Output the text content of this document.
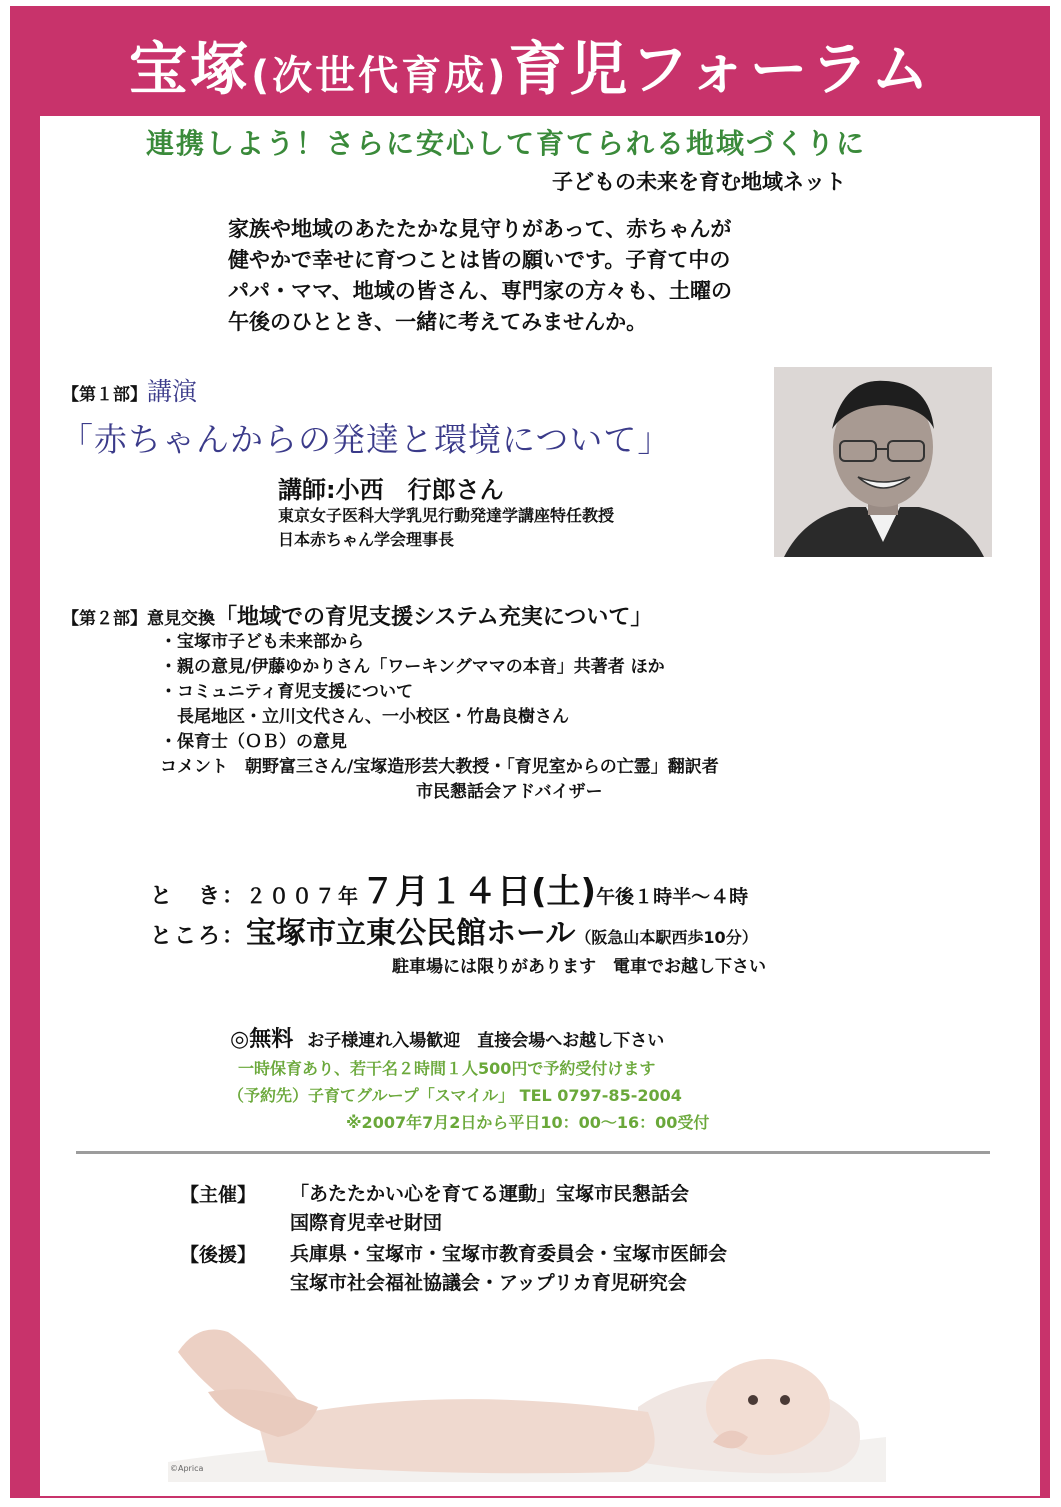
宝塚(次世代育成)育児フォーラム
連携しよう！さらに安心して育てられる地域づくりに
子どもの未来を育む地域ネット
家族や地域のあたたかな見守りがあって、赤ちゃんが
健やかで幸せに育つことは皆の願いです。子育て中の
パパ・ママ、地域の皆さん、専門家の方々も、土曜の
午後のひととき、一緒に考えてみませんか。
【第１部】講演
「赤ちゃんからの発達と環境について」
講師:小西　行郎さん
東京女子医科大学乳児行動発達学講座特任教授
日本赤ちゃん学会理事長
【第２部】意見交換「地域での育児支援システム充実について」
・宝塚市子ども未来部から
・親の意見/伊藤ゆかりさん「ワーキングママの本音」共著者 ほか
・コミュニティ育児支援について
　長尾地区・立川文代さん、一小校区・竹島良樹さん
・保育士（ＯＢ）の意見
コメント　朝野富三さん/宝塚造形芸大教授・「育児室からの亡霊」翻訳者
市民懇話会アドバイザー
と　き：２００７年７月１４日(土)午後１時半～４時
ところ：宝塚市立東公民館ホール（阪急山本駅西歩10分）
駐車場には限りがあります　電車でお越し下さい
◎無料 お子様連れ入場歓迎　直接会場へお越し下さい
一時保育あり、若干名２時間１人500円で予約受付けます
（予約先）子育てグループ「スマイル」 TEL 0797-85-2004
※2007年7月2日から平日10：00～16：00受付
【主催】 「あたたかい心を育てる運動」宝塚市民懇話会
国際育児幸せ財団
【後援】 兵庫県・宝塚市・宝塚市教育委員会・宝塚市医師会
宝塚市社会福祉協議会・アップリカ育児研究会
©Aprica
